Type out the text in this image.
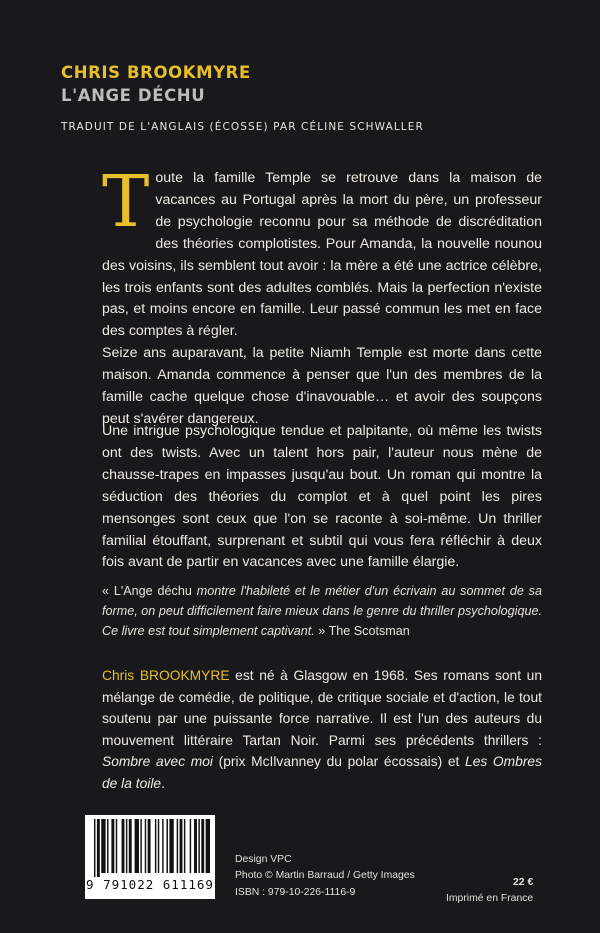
CHRIS BROOKMYRE
L'ANGE DÉCHU
TRADUIT DE L'ANGLAIS (ÉCOSSE) PAR CÉLINE SCHWALLER
Toute la famille Temple se retrouve dans la maison de vacances au Portugal après la mort du père, un professeur de psychologie reconnu pour sa méthode de discréditation des théories complotistes. Pour Amanda, la nouvelle nounou des voisins, ils semblent tout avoir : la mère a été une actrice célèbre, les trois enfants sont des adultes comblés. Mais la perfection n'existe pas, et moins encore en famille. Leur passé commun les met en face des comptes à régler.
Seize ans auparavant, la petite Niamh Temple est morte dans cette maison. Amanda commence à penser que l'un des membres de la famille cache quelque chose d'inavouable… et avoir des soupçons peut s'avérer dangereux.
Une intrigue psychologique tendue et palpitante, où même les twists ont des twists. Avec un talent hors pair, l'auteur nous mène de chausse-trapes en impasses jusqu'au bout. Un roman qui montre la séduction des théories du complot et à quel point les pires mensonges sont ceux que l'on se raconte à soi-même. Un thriller familial étouffant, surprenant et subtil qui vous fera réfléchir à deux fois avant de partir en vacances avec une famille élargie.
« L'Ange déchu montre l'habileté et le métier d'un écrivain au sommet de sa forme, on peut difficilement faire mieux dans le genre du thriller psychologique. Ce livre est tout simplement captivant. » The Scotsman
Chris BROOKMYRE est né à Glasgow en 1968. Ses romans sont un mélange de comédie, de politique, de critique sociale et d'action, le tout soutenu par une puissante force narrative. Il est l'un des auteurs du mouvement littéraire Tartan Noir. Parmi ses précédents thrillers : Sombre avec moi (prix McIlvanney du polar écossais) et Les Ombres de la toile.
9 791022 611169
Design VPC
Photo © Martin Barraud / Getty Images
ISBN : 979-10-226-1116-9
22 €
Imprimé en France
